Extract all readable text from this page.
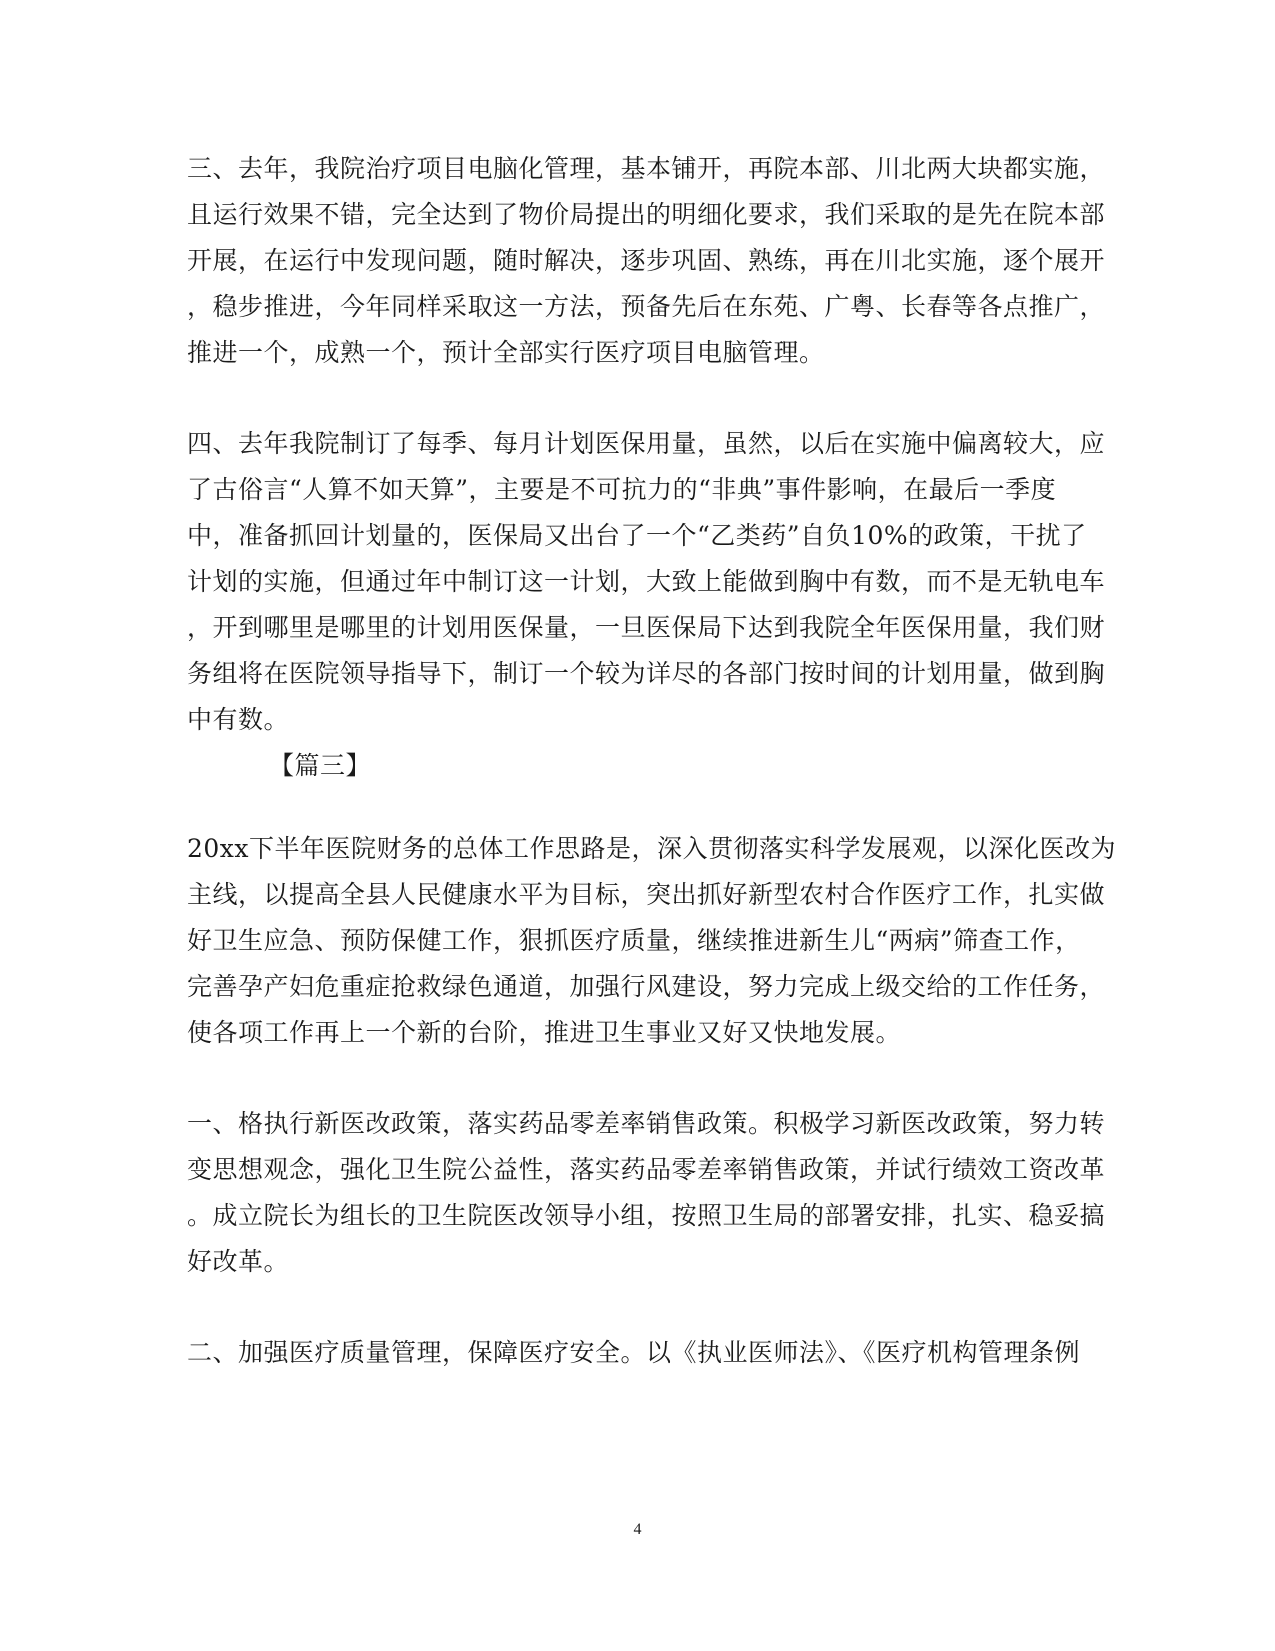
三、去年，我院治疗项目电脑化管理，基本铺开，再院本部、川北两大块都实施，
且运行效果不错，完全达到了物价局提出的明细化要求，我们采取的是先在院本部
开展，在运行中发现问题，随时解决，逐步巩固、熟练，再在川北实施，逐个展开
，稳步推进，今年同样采取这一方法，预备先后在东苑、广粤、长春等各点推广，
推进一个，成熟一个，预计全部实行医疗项目电脑管理。
四、去年我院制订了每季、每月计划医保用量，虽然，以后在实施中偏离较大，应
了古俗言“人算不如天算”，主要是不可抗力的“非典”事件影响，在最后一季度
中，准备抓回计划量的，医保局又出台了一个“乙类药”自负10%的政策，干扰了
计划的实施，但通过年中制订这一计划，大致上能做到胸中有数，而不是无轨电车
，开到哪里是哪里的计划用医保量，一旦医保局下达到我院全年医保用量，我们财
务组将在医院领导指导下，制订一个较为详尽的各部门按时间的计划用量，做到胸
中有数。
【篇三】
20xx下半年医院财务的总体工作思路是，深入贯彻落实科学发展观，以深化医改为
主线，以提高全县人民健康水平为目标，突出抓好新型农村合作医疗工作，扎实做
好卫生应急、预防保健工作，狠抓医疗质量，继续推进新生儿“两病”筛查工作，
完善孕产妇危重症抢救绿色通道，加强行风建设，努力完成上级交给的工作任务，
使各项工作再上一个新的台阶，推进卫生事业又好又快地发展。
一、格执行新医改政策，落实药品零差率销售政策。积极学习新医改政策，努力转
变思想观念，强化卫生院公益性，落实药品零差率销售政策，并试行绩效工资改革
。成立院长为组长的卫生院医改领导小组，按照卫生局的部署安排，扎实、稳妥搞
好改革。
二、加强医疗质量管理，保障医疗安全。以《执业医师法》、《医疗机构管理条例
4
